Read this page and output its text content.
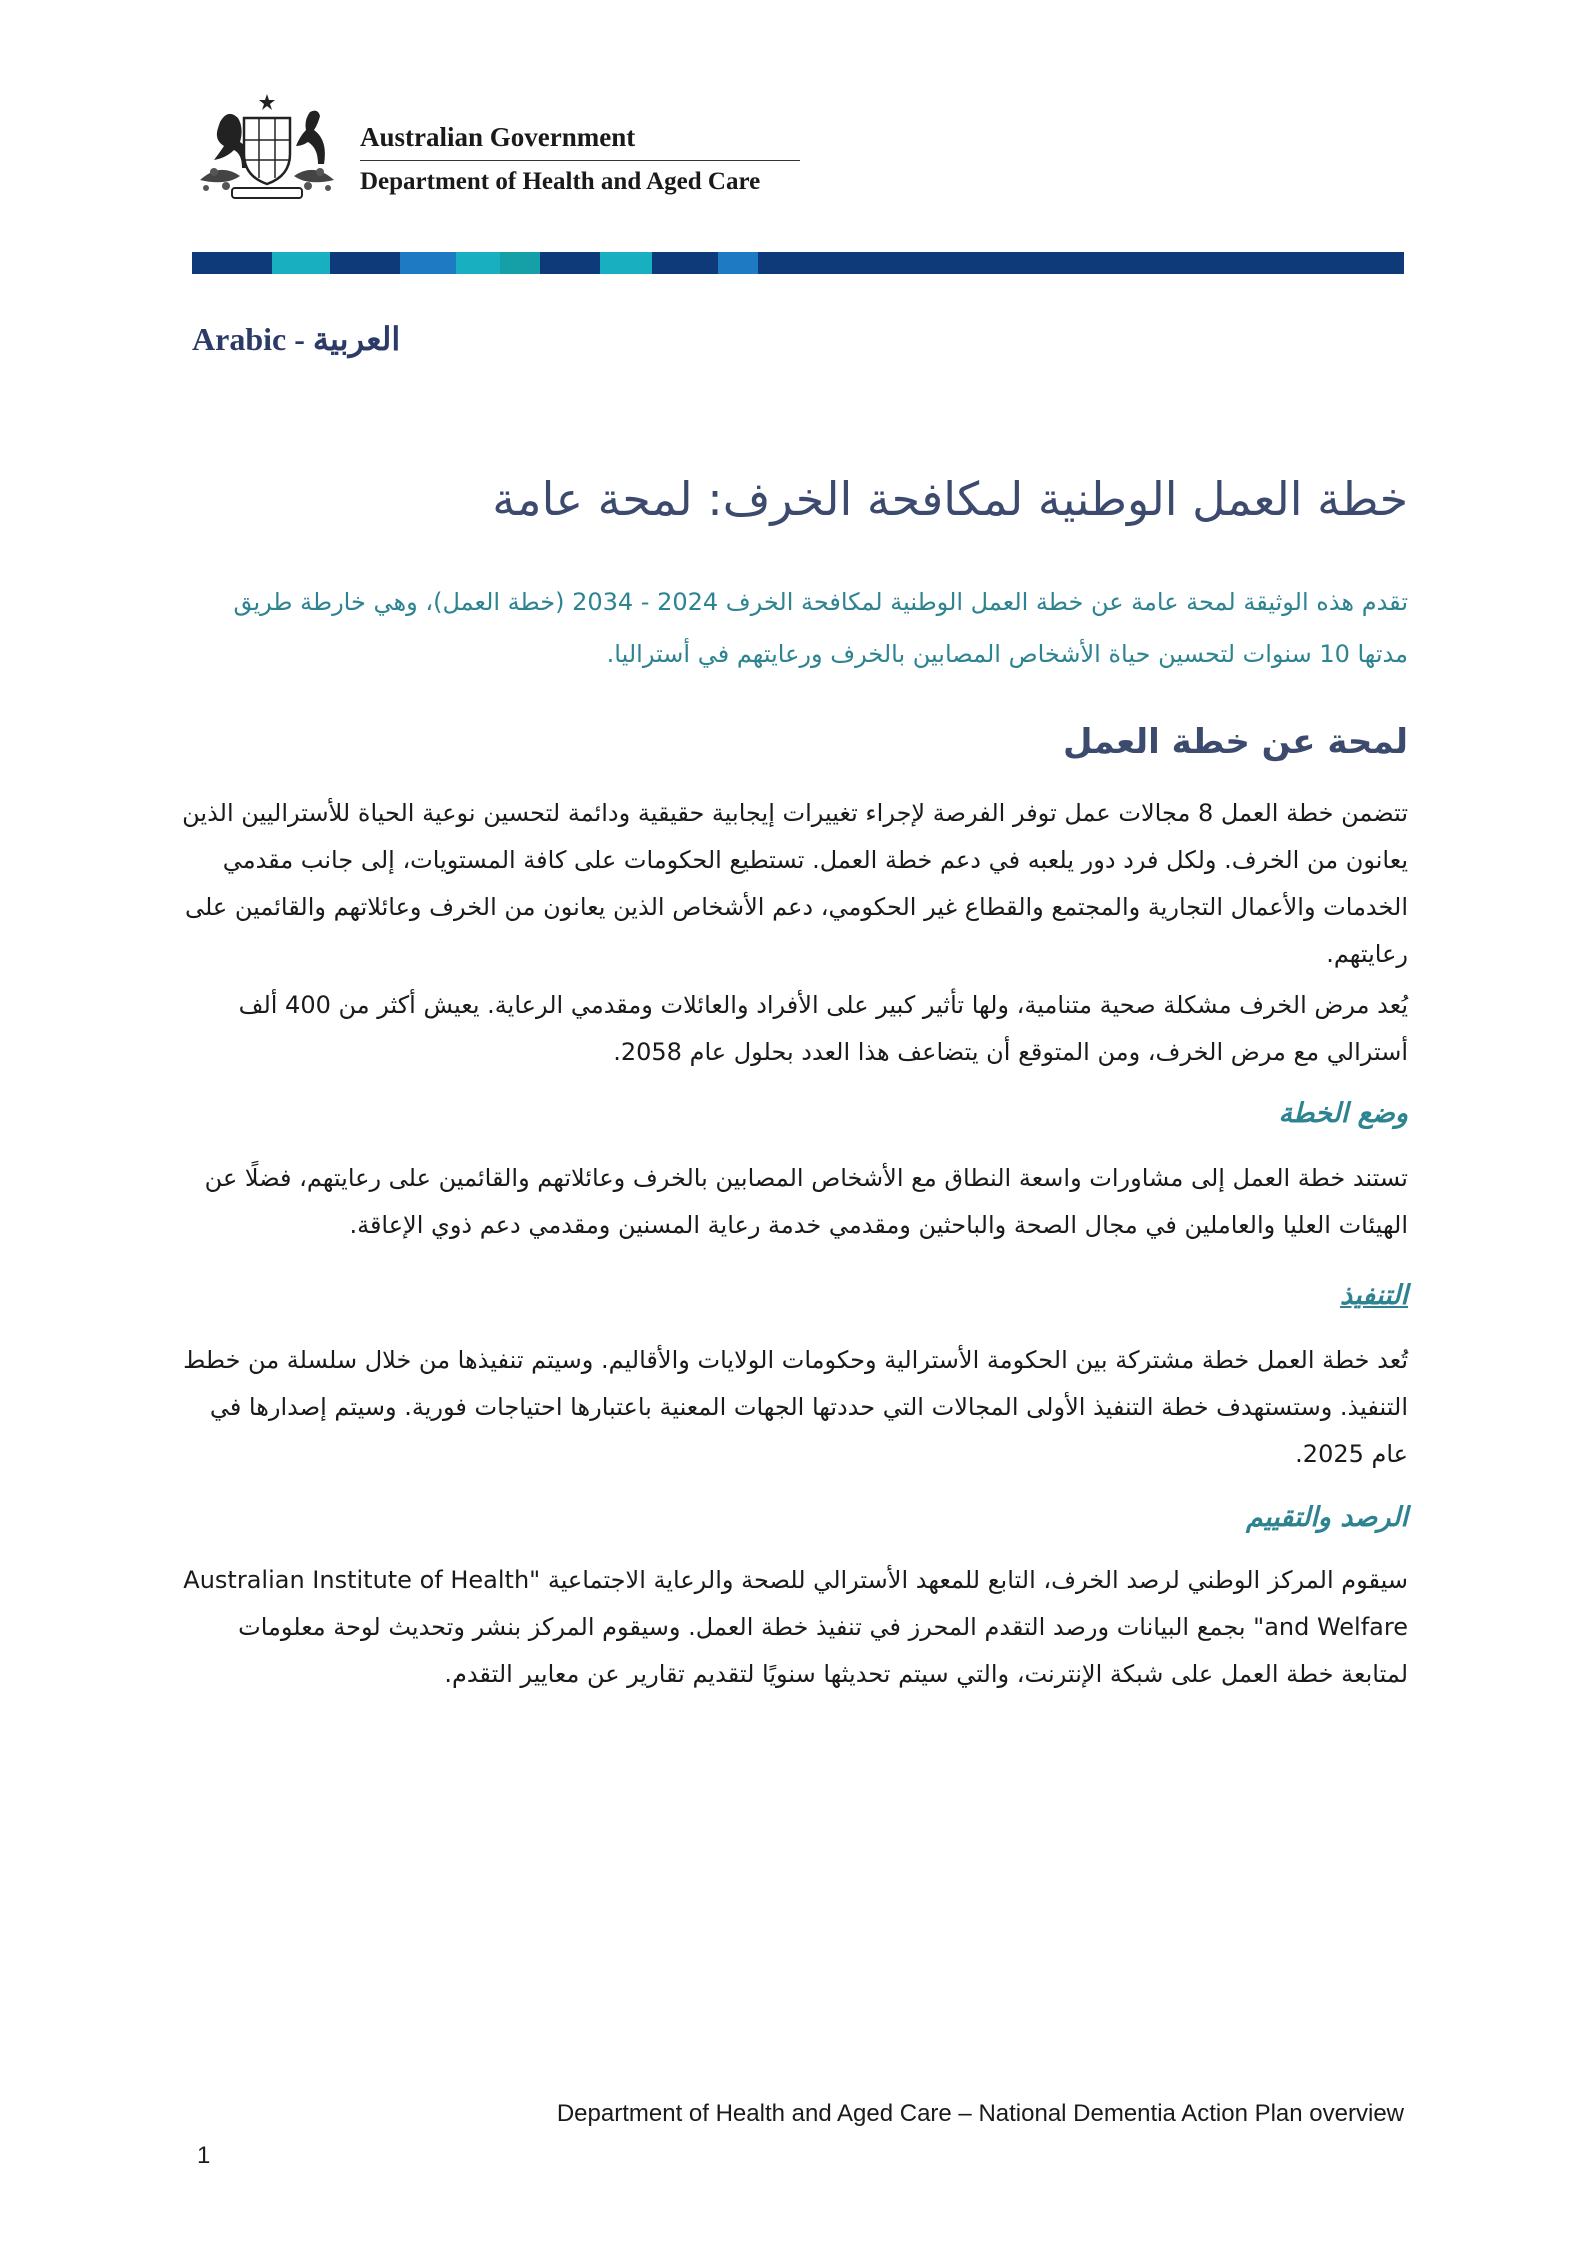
Australian Government
Department of Health and Aged Care
Arabic - العربية
خطة العمل الوطنية لمكافحة الخرف: لمحة عامة
تقدم هذه الوثيقة لمحة عامة عن خطة العمل الوطنية لمكافحة الخرف 2024 - 2034 (خطة العمل)، وهي خارطة طريق مدتها 10 سنوات لتحسين حياة الأشخاص المصابين بالخرف ورعايتهم في أستراليا.
لمحة عن خطة العمل
تتضمن خطة العمل 8 مجالات عمل توفر الفرصة لإجراء تغييرات إيجابية حقيقية ودائمة لتحسين نوعية الحياة للأستراليين الذين يعانون من الخرف. ولكل فرد دور يلعبه في دعم خطة العمل. تستطيع الحكومات على كافة المستويات، إلى جانب مقدمي الخدمات والأعمال التجارية والمجتمع والقطاع غير الحكومي، دعم الأشخاص الذين يعانون من الخرف وعائلاتهم والقائمين على رعايتهم.
يُعد مرض الخرف مشكلة صحية متنامية، ولها تأثير كبير على الأفراد والعائلات ومقدمي الرعاية. يعيش أكثر من 400 ألف أسترالي مع مرض الخرف، ومن المتوقع أن يتضاعف هذا العدد بحلول عام 2058.
وضع الخطة
تستند خطة العمل إلى مشاورات واسعة النطاق مع الأشخاص المصابين بالخرف وعائلاتهم والقائمين على رعايتهم، فضلًا عن الهيئات العليا والعاملين في مجال الصحة والباحثين ومقدمي خدمة رعاية المسنين ومقدمي دعم ذوي الإعاقة.
التنفيذ
تُعد خطة العمل خطة مشتركة بين الحكومة الأسترالية وحكومات الولايات والأقاليم. وسيتم تنفيذها من خلال سلسلة من خطط التنفيذ. وستستهدف خطة التنفيذ الأولى المجالات التي حددتها الجهات المعنية باعتبارها احتياجات فورية. وسيتم إصدارها في عام 2025.
الرصد والتقييم
سيقوم المركز الوطني لرصد الخرف، التابع للمعهد الأسترالي للصحة والرعاية الاجتماعية "Australian Institute of Health and Welfare" بجمع البيانات ورصد التقدم المحرز في تنفيذ خطة العمل. وسيقوم المركز بنشر وتحديث لوحة معلومات لمتابعة خطة العمل على شبكة الإنترنت، والتي سيتم تحديثها سنويًا لتقديم تقارير عن معايير التقدم.
Department of Health and Aged Care – National Dementia Action Plan overview
1
